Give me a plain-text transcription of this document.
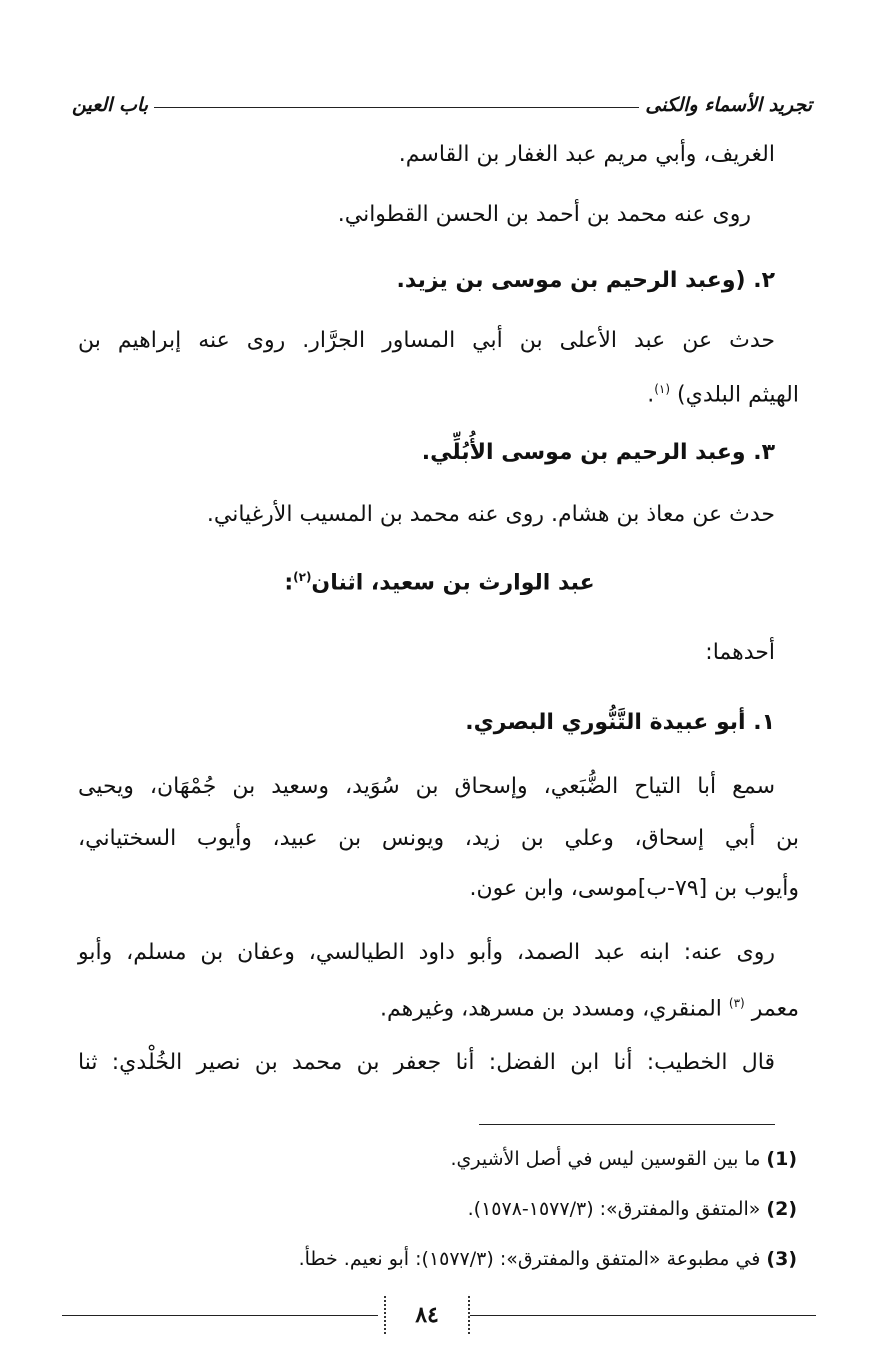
تجريد الأسماء والكنى
باب العين
الغريف، وأبي مريم عبد الغفار بن القاسم.
روى عنه محمد بن أحمد بن الحسن القطواني.
٢. (وعبد الرحيم بن موسى بن يزيد.
حدث عن عبد الأعلى بن أبي المساور الجرَّار. روى عنه إبراهيم بن
الهيثم البلدي) $^{(١)}$.
٣. وعبد الرحيم بن موسى الأُبُلِّي.
حدث عن معاذ بن هشام. روى عنه محمد بن المسيب الأرغياني.
عبد الوارث بن سعيد، اثنان$^{(٢)}$:
أحدهما:
١. أبو عبيدة التَّنُّوري البصري.
سمع أبا التياح الضُّبَعي، وإسحاق بن سُوَيد، وسعيد بن جُمْهَان، ويحيى
بن أبي إسحاق، وعلي بن زيد، ويونس بن عبيد، وأيوب السختياني،
وأيوب بن [٧٩-ب]موسى، وابن عون.
روى عنه: ابنه عبد الصمد، وأبو داود الطيالسي، وعفان بن مسلم، وأبو
معمر $^{(٣)}$ المنقري، ومسدد بن مسرهد، وغيرهم.
قال الخطيب: أنا ابن الفضل: أنا جعفر بن محمد بن نصير الخُلْدي: ثنا
(1)ما بين القوسين ليس في أصل الأشيري.
(2)«المتفق والمفترق»: (١٥٧٧/٣-١٥٧٨).
(3)في مطبوعة «المتفق والمفترق»: (١٥٧٧/٣): أبو نعيم. خطأ.
٨٤
